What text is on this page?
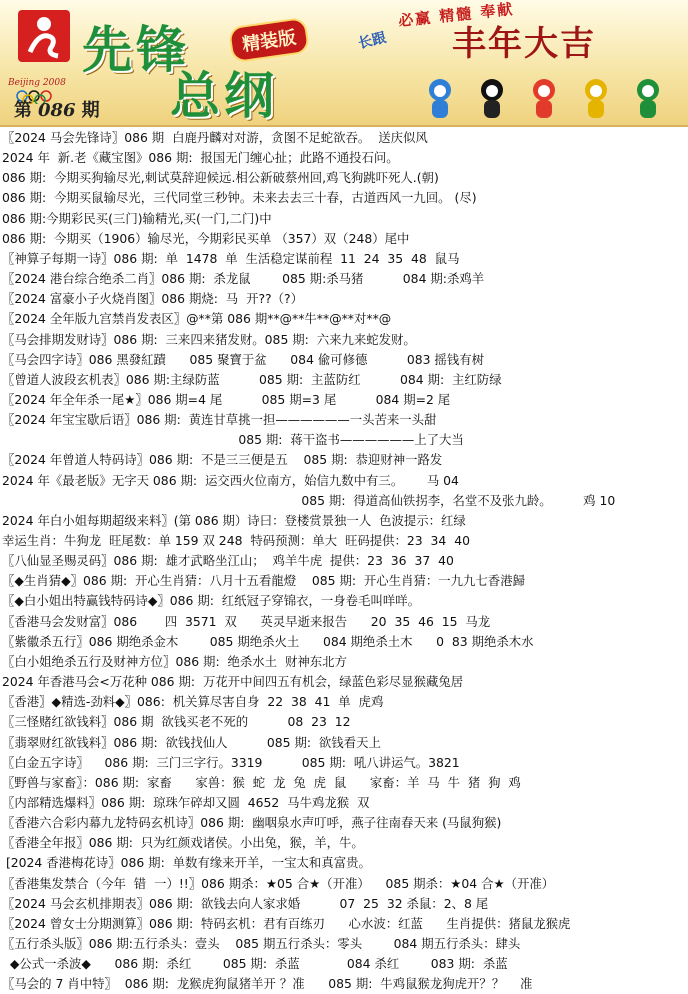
Beijing 2008
先锋
总纲
精装版
第 086 期
必赢 精髓 奉献
长跟 丰年大吉
〖2024 马会先锋诗〗086 期  白鹿丹麟对对游，贪图不足蛇欲吞。  送庆似风
2024 年  新.老《藏宝图》086 期:  报国无门缠心扯；此路不通投石问。
086 期:  今期买狗输尽光,刺试莫辞迎候远.相公新破蔡州回,鸡飞狗跳吓死人.(朝)
086 期:  今期买鼠输尽光，三代同堂三秒钟。未来去去三十春，古道西风一九回。 (尽)
086 期:今期彩民买(三门)输精光,买(一门,二门)中
086 期:  今期买（1906）输尽光，今期彩民买单 （357）双（248）尾中
〖神算子每期一诗〗086 期:  单  1478  单  生活稳定谋前程  11  24  35  48  鼠马
〖2024 港台综合绝杀二肖〗086 期:  杀龙鼠        085 期:杀马猪          084 期:杀鸡羊
〖2024 富豪小子火烧肖图〗086 期烧:  马  开??（?）
〖2024 全年版九宫禁肖发表区〗@**第 086 期**@**牛**@**对**@
〖马会排期发财诗〗086 期:  三来四来猪发财。085 期:  六来九来蛇发财。
〖马会四字诗〗086 黑發紅蹟      085 聚寶于盆      084 偸可修德          083 摇钱有树
〖曾道人波段玄机表〗086 期:主绿防蓝          085 期:  主蓝防红          084 期:  主红防绿
〖2024 年全年杀一尾★〗086 期=4 尾          085 期=3 尾          084 期=2 尾
〖2024 年宝宝歇后语〗086 期:  黄连甘草挑一担——————一头苦来一头甜
085 期:  蒋干盗书——————上了大当
〖2024 年曾道人特码诗〗086 期:  不是三三便是五    085 期:  恭迎财神一路发
2024 年《最老版》无字天 086 期:  运交西火位南方，始信九数中有三。      马 04
085 期:  得道高仙铁拐李，名堂不及张九龄。        鸡 10
2024 年白小姐每期超级来料〗(第 086 期）诗曰：登楼赏景独一人  色波提示：红绿
幸运生肖：牛狗龙  旺尾数：单 159 双 248  特码预测：单大  旺码提供：23  34  40
〖八仙显圣赐灵码〗086 期:  雄才武略坐江山；  鸡羊牛虎  提供：23  36  37  40
〖◆生肖猜◆〗086 期:  开心生肖猜：八月十五看龍燈    085 期:  开心生肖猜：一九九七香港歸
〖◆白小姐出特赢钱特码诗◆〗086 期:  红纸冠子穿锦衣，一身卷毛叫咩咩。
〖香港马会发财富〗086       四  3571  双      英灵早逝来报告      20  35  46  15  马龙
〖紫徽杀五行〗086 期绝杀金木        085 期绝杀火土      084 期绝杀土木      0  83 期绝杀木水
〖白小姐绝杀五行及财神方位〗086 期:  绝杀水土  财神东北方
2024 年香港马会<万花种 086 期:  万花开中间四五有机会，绿蓝色彩尽显猴藏兔居
〖香港〗◆精选-劲料◆〗086:  机关算尽害自身  22  38  41  单  虎鸡
〖三怪赌红欲钱料〗086 期  欲钱买老不死的          08  23  12
〖翡翠财红欲钱料〗086 期:  欲钱找仙人          085 期:  欲钱看天上
〖白金五字诗〗    086 期:  三门三字行。3319          085 期:  吼八讲运气。3821
〖野兽与家畜〗：086 期:  家畜      家兽：猴  蛇  龙  兔  虎  鼠      家畜：羊  马  牛  猪  狗  鸡
〖内部精选爆料〗086 期:  琼珠乍碎却又圆  4652  马牛鸡龙猴  双
〖香港六合彩内幕九龙特码玄机诗〗086 期:  幽咽泉水声叮呼，燕子往南春天来 (马鼠狗猴)
〖香港全年报〗086 期:  只为红颜戏诸侯。小出兔，猴，羊，牛。
[2024 香港梅花诗〗086 期:  单数有缘来开羊，一宝太和真富贵。
〖香港集发禁合（今年  错  一）!!〗086 期杀：★05 合★（开准）    085 期杀：★04 合★（开准）
〖2024 马会玄机排期表〗086 期:  欲钱去向人家求婚          07  25  32 杀鼠：2、8 尾
〖2024 曾女士分期测算〗086 期:  特码玄机：君有百练刃      心水波：红蓝      生肖提供：猪鼠龙猴虎
〖五行杀头版〗086 期:五行杀头：壹头    085 期五行杀头：零头        084 期五行杀头：肆头
◆公式一杀波◆      086 期:  杀红        085 期:  杀蓝            084 杀红        083 期:  杀蓝
〖马会的 7 肖中特〗  086 期:  龙猴虎狗鼠猪羊开 ？准      085 期:  牛鸡鼠猴龙狗虎开？？    准
